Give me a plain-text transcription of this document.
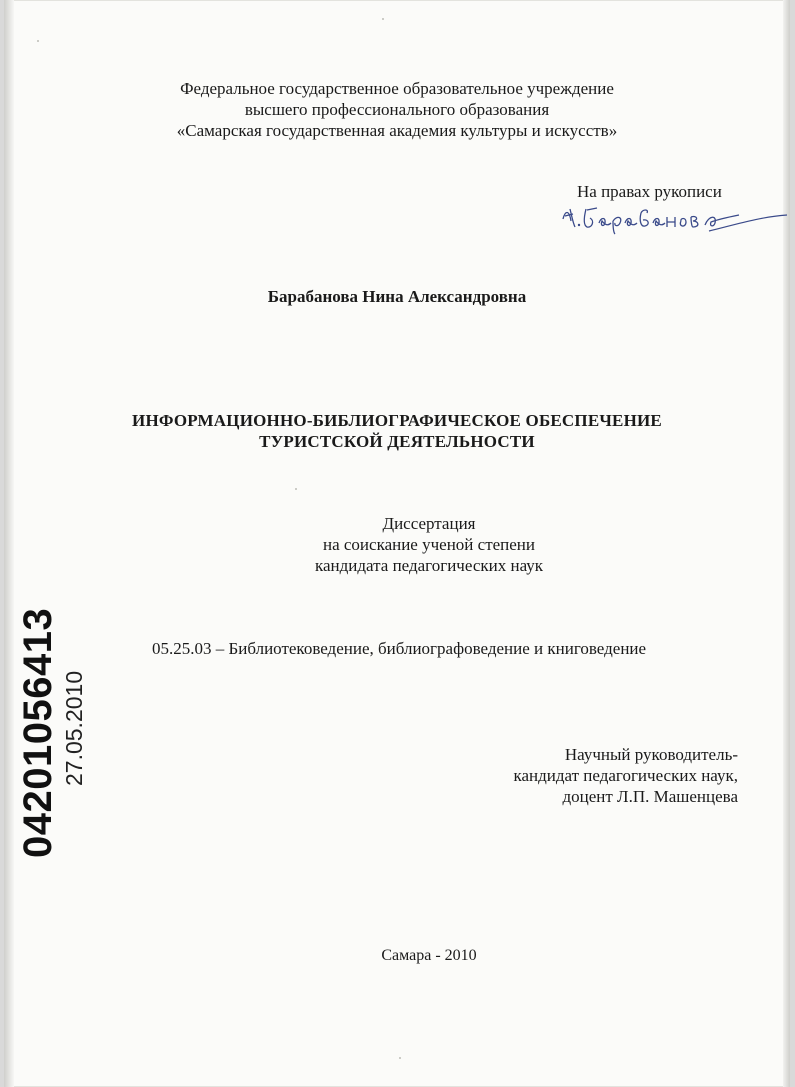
Федеральное государственное образовательное учреждение
высшего профессионального образования
«Самарская государственная академия культуры и искусств»
На правах рукописи
Барабанова Нина Александровна
ИНФОРМАЦИОННО-БИБЛИОГРАФИЧЕСКОЕ ОБЕСПЕЧЕНИЕ
ТУРИСТСКОЙ ДЕЯТЕЛЬНОСТИ
Диссертация
на соискание ученой степени
кандидата педагогических наук
05.25.03 – Библиотековедение, библиографоведение и книговедение
Научный руководитель-
кандидат педагогических наук,
доцент Л.П. Машенцева
Самара - 2010
04201056413 27.05.2010
